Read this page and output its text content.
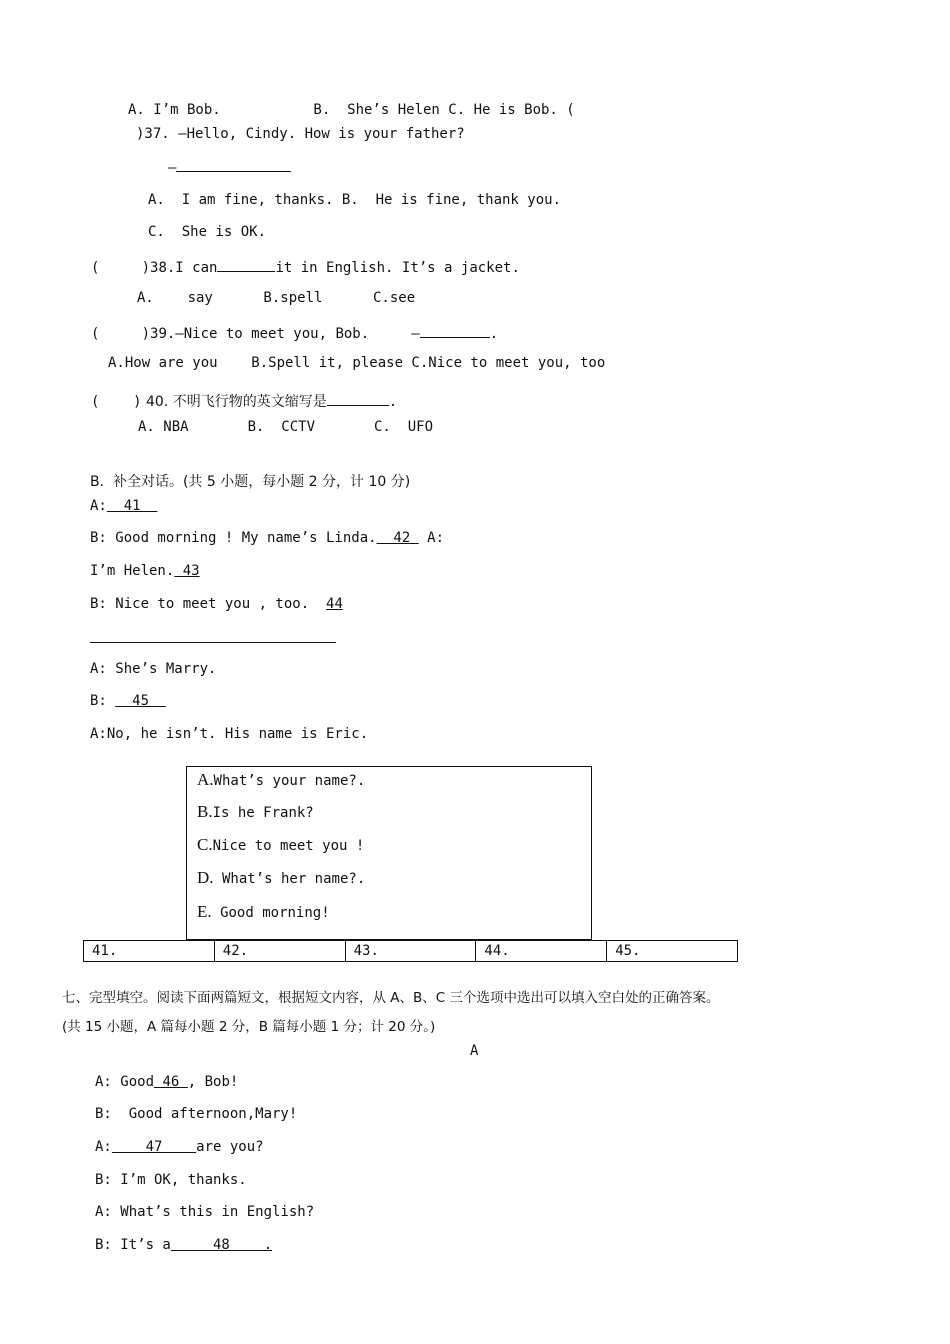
A. I’m Bob.           B.  She’s Helen C. He is Bob. (
)37. —Hello, Cindy. How is your father?
—
A.  I am fine, thanks. B.  He is fine, thank you.
C.  She is OK.
(     )38.I can	it in English. It’s a jacket.
A.    say      B.spell      C.see
(     )39.—Nice to meet you, Bob.     —	.
A.How are you    B.Spell it, please C.Nice to meet you, too
(    ) 40. 不明飞行物的英文缩写是	.
A. NBA       B.  CCTV       C.  UFO
B.  补全对话。(共 5 小题，每小题 2 分，计 10 分)
A:  41
B: Good morning ! My name’s Linda.  42  A:
I’m Helen. 43
B: Nice to meet you , too.  44
A: She’s Marry.
B:   45
A:No, he isn’t. His name is Eric.
A.What’s your name?.
B.Is he Frank?
C.Nice to meet you !
D. What’s her name?.
E. Good morning!
41.	42.	43.	44.	45.
七、完型填空。阅读下面两篇短文，根据短文内容，从 A、B、C 三个选项中选出可以填入空白处的正确答案。
(共 15 小题，A 篇每小题 2 分，B 篇每小题 1 分；计 20 分。)
A
A: Good 46 , Bob!
B:  Good afternoon,Mary!
A:    47    are you?
B: I’m OK, thanks.
A: What’s this in English?
B: It’s a     48    .
